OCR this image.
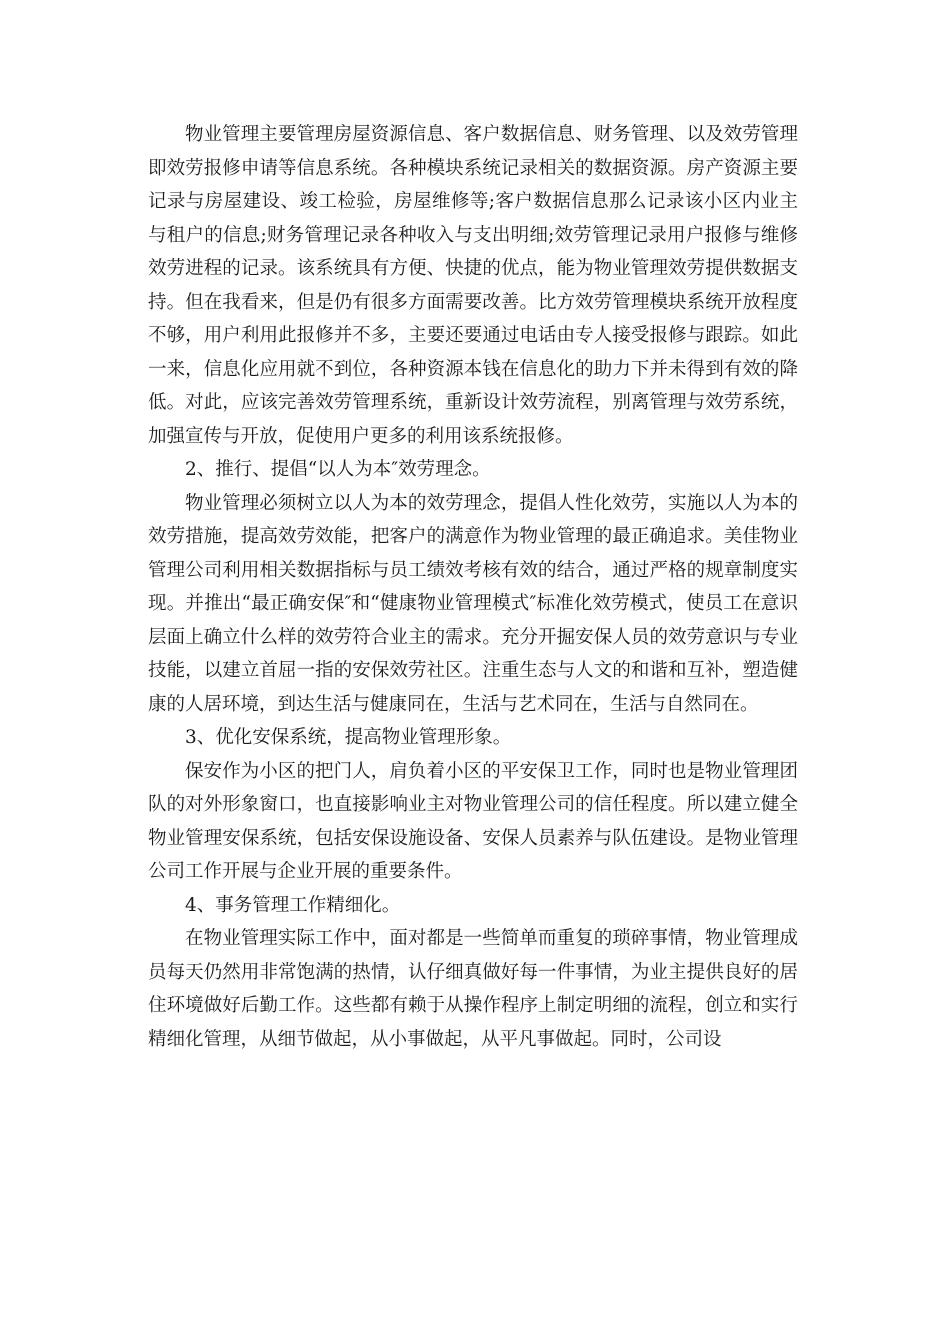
物业管理主要管理房屋资源信息、客户数据信息、财务管理、以及效劳管理即效劳报修申请等信息系统。各种模块系统记录相关的数据资源。房产资源主要记录与房屋建设、竣工检验，房屋维修等;客户数据信息那么记录该小区内业主与租户的信息;财务管理记录各种收入与支出明细;效劳管理记录用户报修与维修效劳进程的记录。该系统具有方便、快捷的优点，能为物业管理效劳提供数据支持。但在我看来，但是仍有很多方面需要改善。比方效劳管理模块系统开放程度不够，用户利用此报修并不多，主要还要通过电话由专人接受报修与跟踪。如此一来，信息化应用就不到位，各种资源本钱在信息化的助力下并未得到有效的降低。对此，应该完善效劳管理系统，重新设计效劳流程，别离管理与效劳系统，加强宣传与开放，促使用户更多的利用该系统报修。

2、推行、提倡“以人为本″效劳理念。

物业管理必须树立以人为本的效劳理念，提倡人性化效劳，实施以人为本的效劳措施，提高效劳效能，把客户的满意作为物业管理的最正确追求。美佳物业管理公司利用相关数据指标与员工绩效考核有效的结合，通过严格的规章制度实现。并推出“最正确安保″和“健康物业管理模式″标准化效劳模式，使员工在意识层面上确立什么样的效劳符合业主的需求。充分开掘安保人员的效劳意识与专业技能，以建立首屈一指的安保效劳社区。注重生态与人文的和谐和互补，塑造健康的人居环境，到达生活与健康同在，生活与艺术同在，生活与自然同在。

3、优化安保系统，提高物业管理形象。

保安作为小区的把门人，肩负着小区的平安保卫工作，同时也是物业管理团队的对外形象窗口，也直接影响业主对物业管理公司的信任程度。所以建立健全物业管理安保系统，包括安保设施设备、安保人员素养与队伍建设。是物业管理公司工作开展与企业开展的重要条件。

4、事务管理工作精细化。

在物业管理实际工作中，面对都是一些简单而重复的琐碎事情，物业管理成员每天仍然用非常饱满的热情，认仔细真做好每一件事情，为业主提供良好的居住环境做好后勤工作。这些都有赖于从操作程序上制定明细的流程，创立和实行精细化管理，从细节做起，从小事做起，从平凡事做起。同时，公司设
